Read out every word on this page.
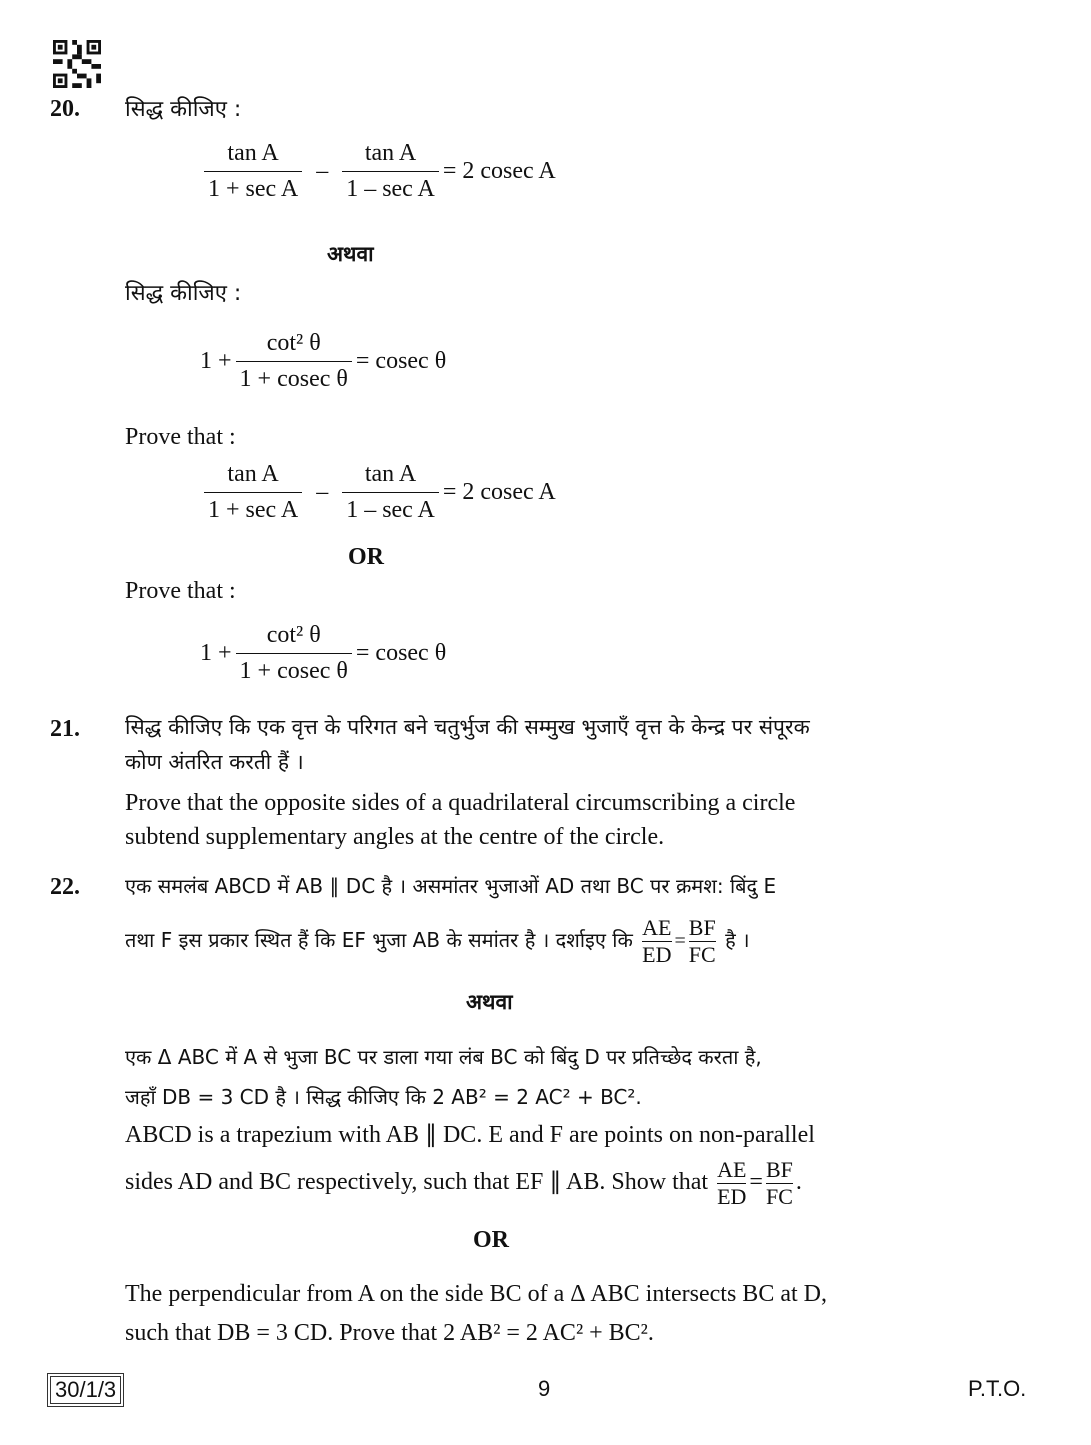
20. सिद्ध कीजिए :
$\frac{\text{tan A}}{\text{1 + sec A}} - \frac{\text{tan A}}{\text{1 – sec A}} = 2$ cosec A
अथवा
सिद्ध कीजिए :
$1 + \frac{\text{cot² θ}}{\text{1 + cosec θ}} = cosec$ θ
Prove that :
$\frac{\text{tan A}}{\text{1 + sec A}} - \frac{\text{tan A}}{\text{1 – sec A}} = 2$ cosec A
OR
Prove that :
$1 + \frac{\text{cot² θ}}{\text{1 + cosec θ}} = cosec$ θ
21. सिद्ध कीजिए कि एक वृत्त के परिगत बने चतुर्भुज की सम्मुख भुजाएँ वृत्त के केन्द्र पर संपूरक
कोण अंतरित करती हैं ।
Prove that the opposite sides of a quadrilateral circumscribing a circle
subtend supplementary angles at the centre of the circle.
22. एक समलंब ABCD में AB ∥ DC है । असमांतर भुजाओं AD तथा BC पर क्रमश: बिंदु E
तथा F इस प्रकार स्थित हैं कि EF भुजा AB के समांतर है । दर्शाइए कि $\frac{AE}{ED} = \frac{BF}{FC}$ है ।
अथवा
एक Δ ABC में A से भुजा BC पर डाला गया लंब BC को बिंदु D पर प्रतिच्छेद करता है,
जहाँ DB = 3 CD है । सिद्ध कीजिए कि 2 AB² = 2 AC² + BC².
ABCD is a trapezium with AB ∥ DC. E and F are points on non-parallel
sides AD and BC respectively, such that EF ∥ AB. Show that $\frac{AE}{ED} = \frac{BF}{FC}$ .
OR
The perpendicular from A on the side BC of a Δ ABC intersects BC at D,
such that DB = 3 CD. Prove that 2 AB² = 2 AC² + BC².
30/1/3	9	P.T.O.
